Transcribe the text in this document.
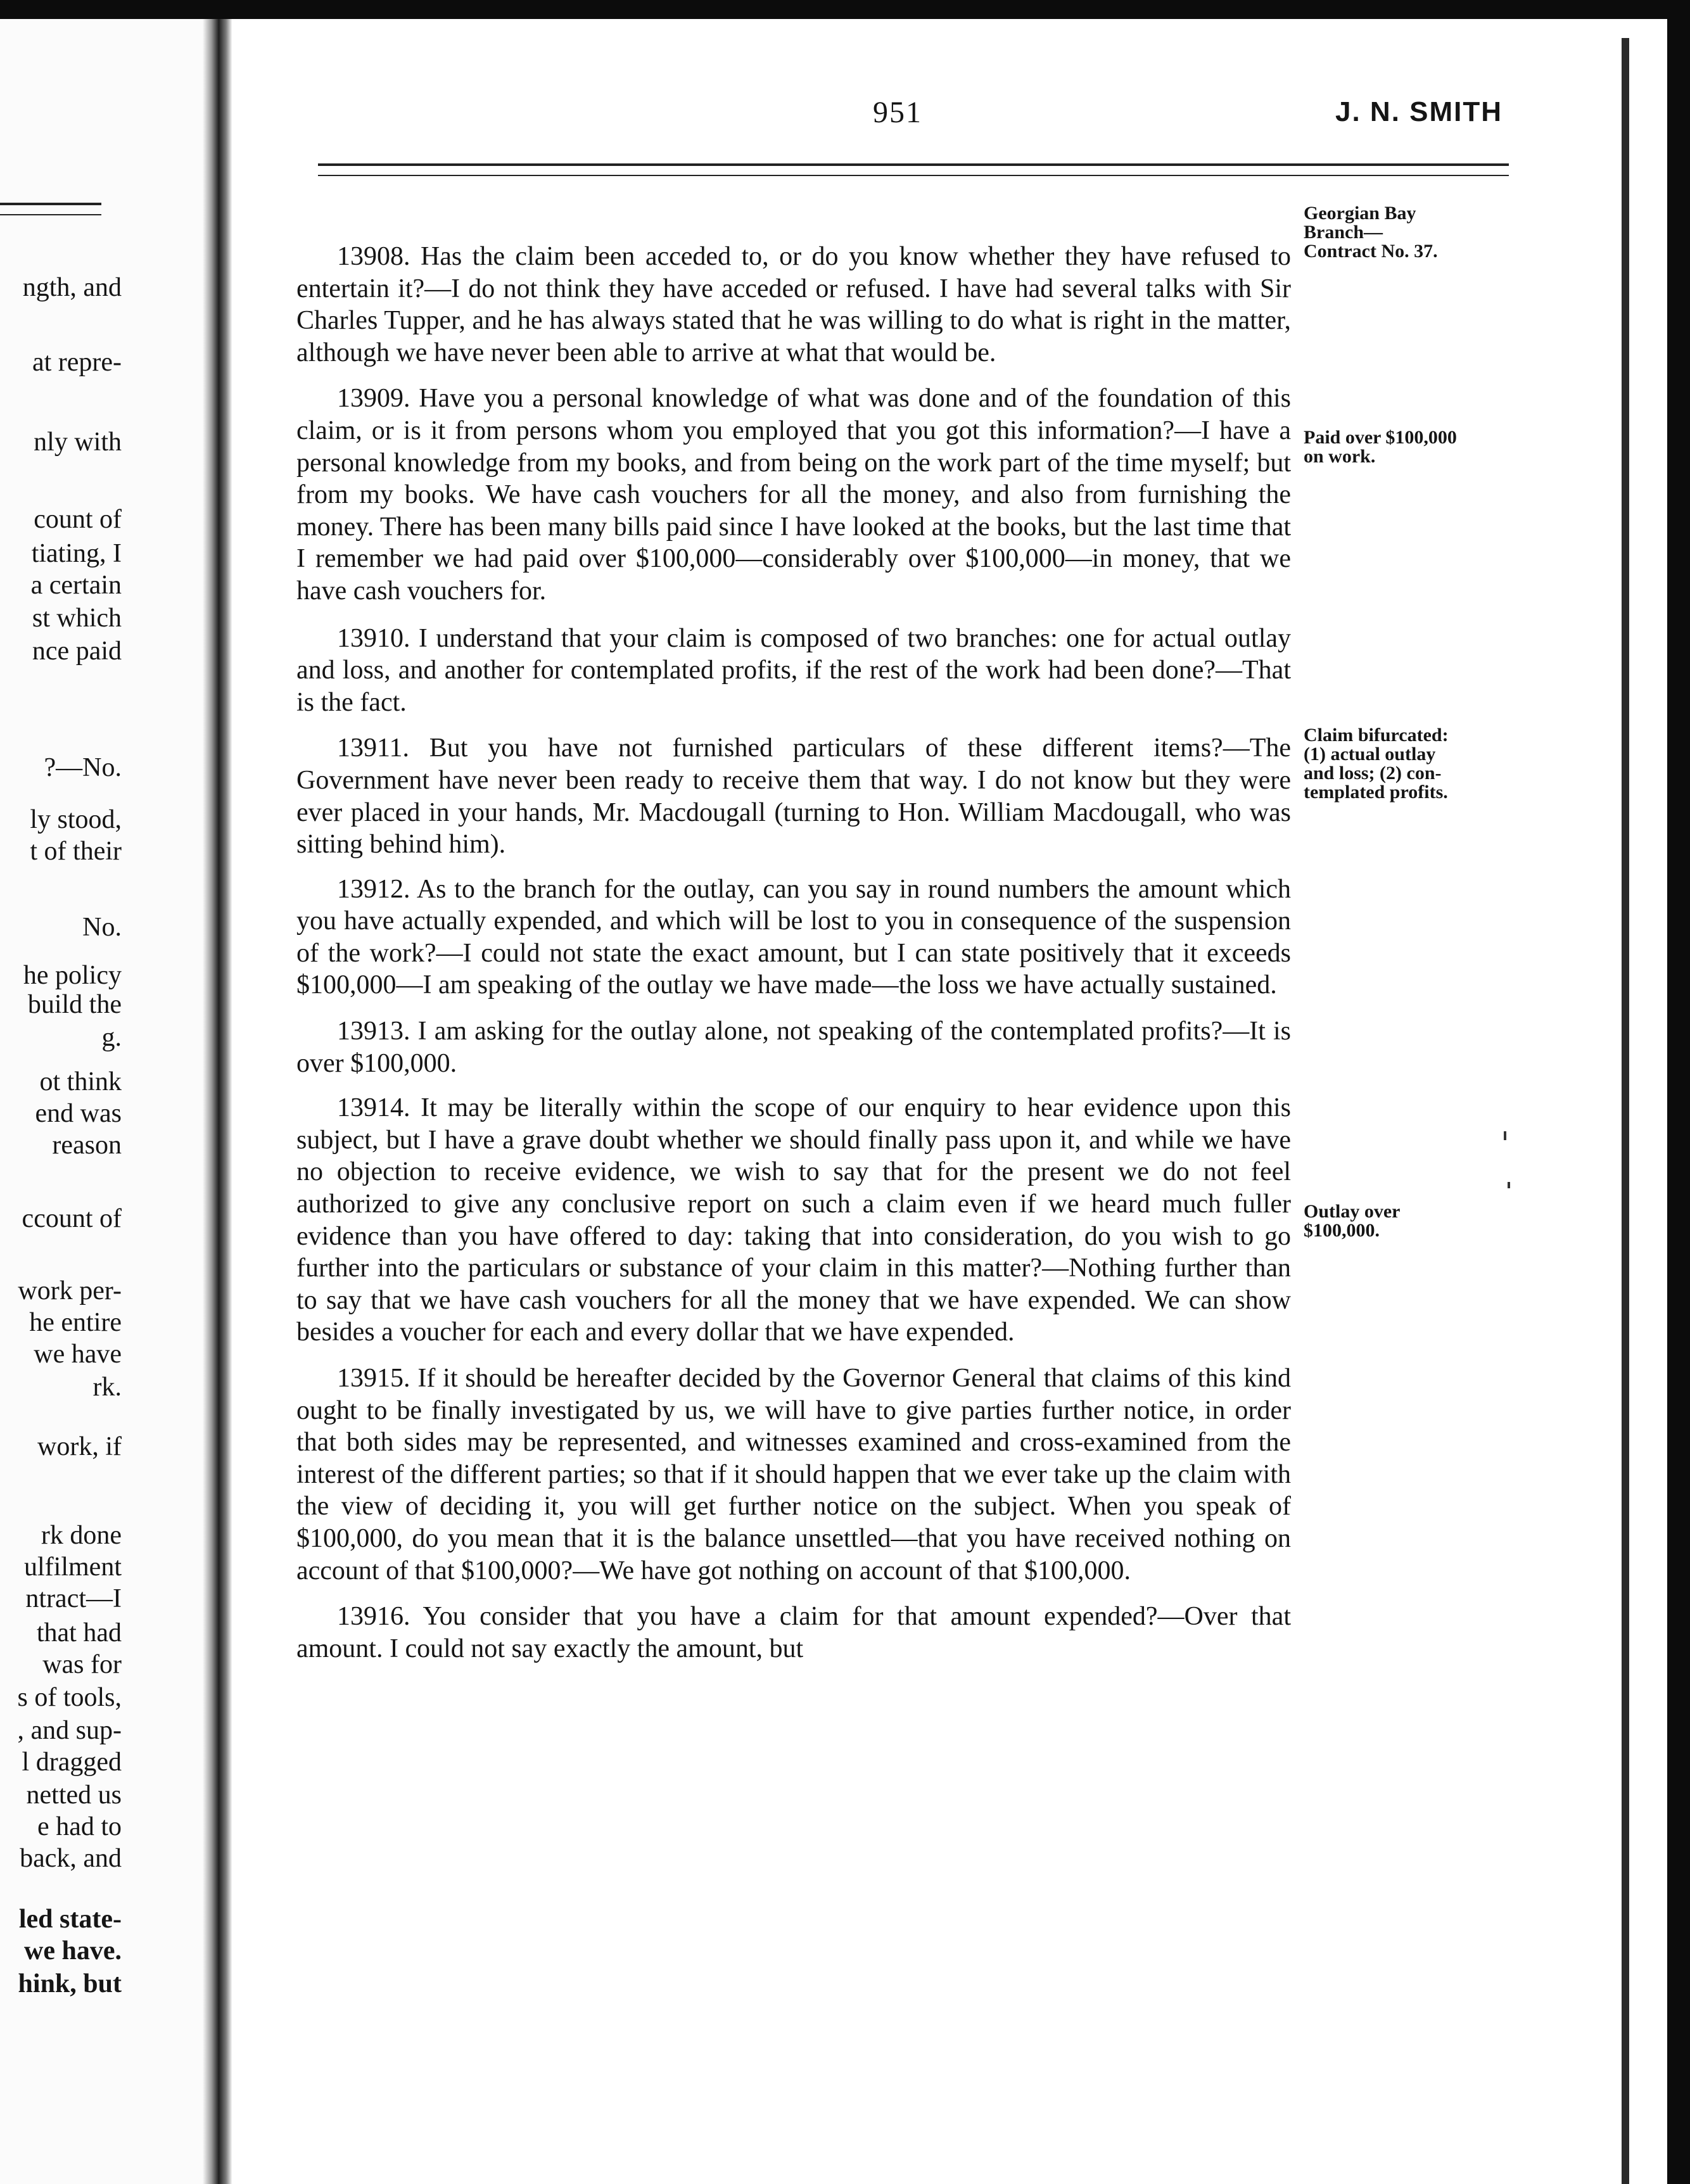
ngth, and
at repre-
nly with
count of
tiating, I
a certain
st which
nce paid
?—No.
ly stood,
t of their
No.
he policy
build the
g.
ot think
end was
reason
ccount of
work per-
he entire
we have
rk.
work, if
rk done
ulfilment
ntract—I
that had
was for
s of tools,
, and sup-
l dragged
netted us
e had to
back, and
led state-
we have.
hink, but
951	J. N. SMITH

13908. Has the claim been acceded to, or do you know whether they have refused to entertain it?—I do not think they have acceded or refused. I have had several talks with Sir Charles Tupper, and he has always stated that he was willing to do what is right in the matter, although we have never been able to arrive at what that would be.

13909. Have you a personal knowledge of what was done and of the foundation of this claim, or is it from persons whom you employed that you got this information?—I have a personal knowledge from my books, and from being on the work part of the time myself; but from my books. We have cash vouchers for all the money, and also from furnishing the money. There has been many bills paid since I have looked at the books, but the last time that I remember we had paid over $100,000—considerably over $100,000—in money, that we have cash vouchers for.

13910. I understand that your claim is composed of two branches: one for actual outlay and loss, and another for contemplated profits, if the rest of the work had been done?—That is the fact.

13911. But you have not furnished particulars of these different items?—The Government have never been ready to receive them that way. I do not know but they were ever placed in your hands, Mr. Macdougall (turning to Hon. William Macdougall, who was sitting behind him).

13912. As to the branch for the outlay, can you say in round numbers the amount which you have actually expended, and which will be lost to you in consequence of the suspension of the work?—I could not state the exact amount, but I can state positively that it exceeds $100,000—I am speaking of the outlay we have made—the loss we have actually sustained.

13913. I am asking for the outlay alone, not speaking of the contemplated profits?—It is over $100,000.

13914. It may be literally within the scope of our enquiry to hear evidence upon this subject, but I have a grave doubt whether we should finally pass upon it, and while we have no objection to receive evidence, we wish to say that for the present we do not feel authorized to give any conclusive report on such a claim even if we heard much fuller evidence than you have offered to day: taking that into consideration, do you wish to go further into the particulars or substance of your claim in this matter?—Nothing further than to say that we have cash vouchers for all the money that we have expended. We can show besides a voucher for each and every dollar that we have expended.

13915. If it should be hereafter decided by the Governor General that claims of this kind ought to be finally investigated by us, we will have to give parties further notice, in order that both sides may be represented, and witnesses examined and cross-examined from the interest of the different parties; so that if it should happen that we ever take up the claim with the view of deciding it, you will get further notice on the subject. When you speak of $100,000, do you mean that it is the balance unsettled—that you have received nothing on account of that $100,000?—We have got nothing on account of that $100,000.

13916. You consider that you have a claim for that amount expended?—Over that amount. I could not say exactly the amount, but

Georgian Bay
Branch—
Contract No. 37.
Paid over $100,000
on work.
Claim bifurcated:
(1) actual outlay
and loss; (2) con-
templated profits.
Outlay over
$100,000.
